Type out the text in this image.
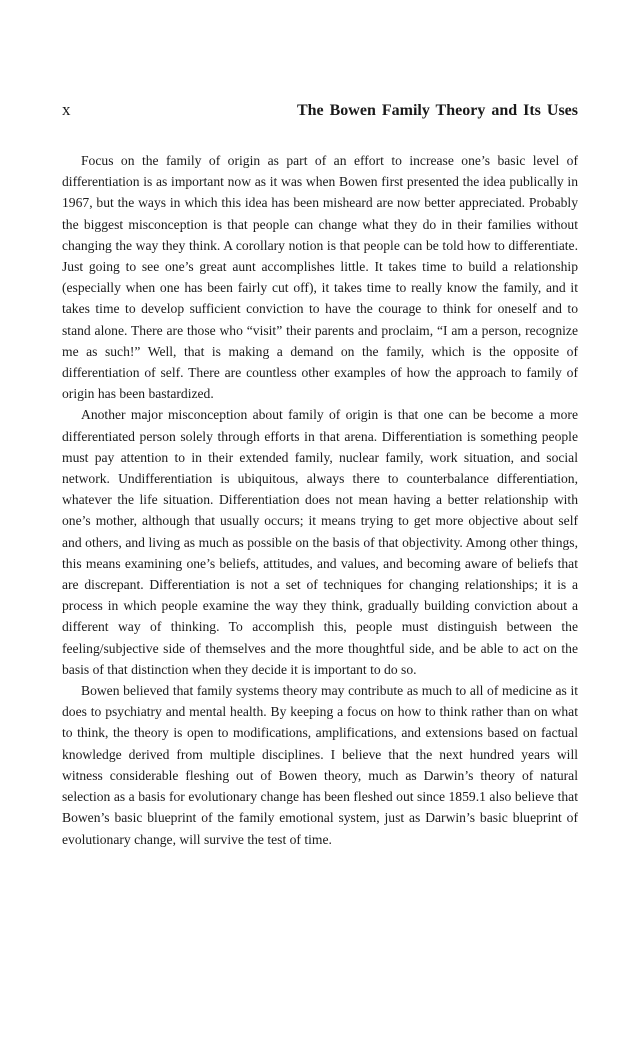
x	The Bowen Family Theory and Its Uses

Focus on the family of origin as part of an effort to increase one’s basic level of differentiation is as important now as it was when Bowen first presented the idea publically in 1967, but the ways in which this idea has been misheard are now better appreciated. Probably the biggest misconception is that people can change what they do in their families without changing the way they think. A corollary notion is that people can be told how to differentiate. Just going to see one’s great aunt accomplishes little. It takes time to build a relationship (especially when one has been fairly cut off), it takes time to really know the family, and it takes time to develop sufficient conviction to have the courage to think for oneself and to stand alone. There are those who “visit” their parents and proclaim, “I am a person, recognize me as such!” Well, that is making a demand on the family, which is the opposite of differentiation of self. There are countless other examples of how the approach to family of origin has been bastardized.

Another major misconception about family of origin is that one can be become a more differentiated person solely through efforts in that arena. Differentiation is something people must pay attention to in their extended family, nuclear family, work situation, and social network. Undifferentiation is ubiquitous, always there to counterbalance differentiation, whatever the life situation. Differentiation does not mean having a better relationship with one’s mother, although that usually occurs; it means trying to get more objective about self and others, and living as much as possible on the basis of that objectivity. Among other things, this means examining one’s beliefs, attitudes, and values, and becoming aware of beliefs that are discrepant. Differentiation is not a set of techniques for changing relationships; it is a process in which people examine the way they think, gradually building conviction about a different way of thinking. To accomplish this, people must distinguish between the feeling/subjective side of themselves and the more thoughtful side, and be able to act on the basis of that distinction when they decide it is important to do so.

Bowen believed that family systems theory may contribute as much to all of medicine as it does to psychiatry and mental health. By keeping a focus on how to think rather than on what to think, the theory is open to modifications, amplifications, and extensions based on factual knowledge derived from multiple disciplines. I believe that the next hundred years will witness considerable fleshing out of Bowen theory, much as Darwin’s theory of natural selection as a basis for evolutionary change has been fleshed out since 1859.1 also believe that Bowen’s basic blueprint of the family emotional system, just as Darwin’s basic blueprint of evolutionary change, will survive the test of time.
